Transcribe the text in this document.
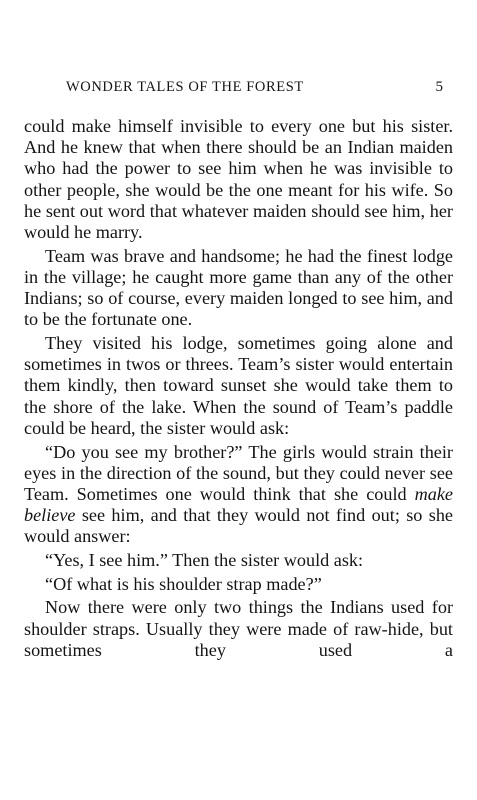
WONDER TALES OF THE FOREST	5

could make himself invisible to every one but his sister. And he knew that when there should be an Indian maiden who had the power to see him when he was invisible to other people, she would be the one meant for his wife. So he sent out word that whatever maiden should see him, her would he marry.

Team was brave and handsome; he had the finest lodge in the village; he caught more game than any of the other Indians; so of course, every maiden longed to see him, and to be the fortunate one.

They visited his lodge, sometimes going alone and sometimes in twos or threes. Team’s sister would entertain them kindly, then toward sunset she would take them to the shore of the lake. When the sound of Team’s paddle could be heard, the sister would ask:

“Do you see my brother?” The girls would strain their eyes in the direction of the sound, but they could never see Team. Sometimes one would think that she could make believe see him, and that they would not find out; so she would answer:

“Yes, I see him.” Then the sister would ask:

“Of what is his shoulder strap made?”

Now there were only two things the Indians used for shoulder straps. Usually they were made of raw-hide, but sometimes they used a
